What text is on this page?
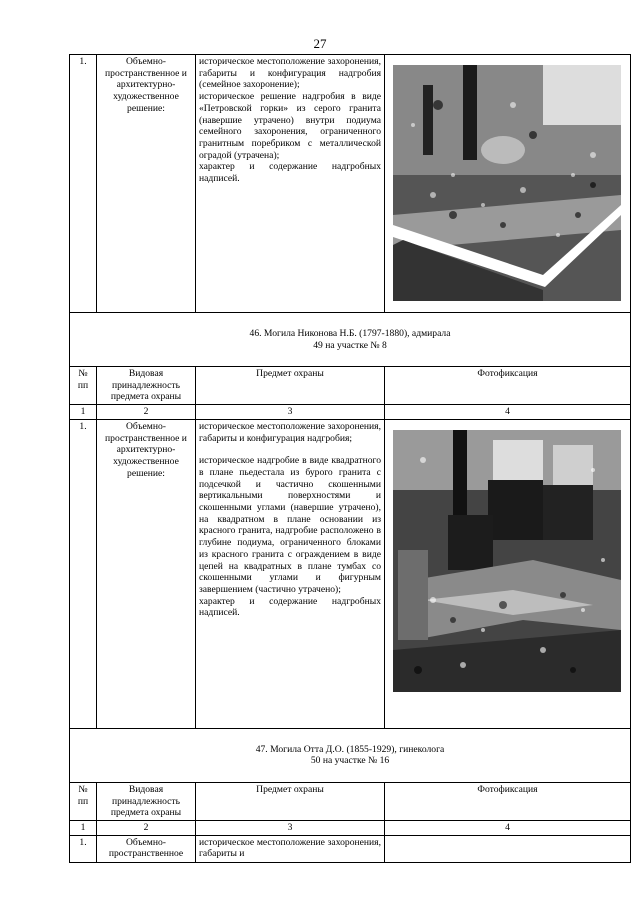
27
1.	Объемно-пространственное и архитектурно-художественное решение:	историческое местоположение захоронения, габариты и конфигурация надгробия (семейное захоронение);

историческое решение надгробия в виде «Петровской горки» из серого гранита (навершие утрачено) внутри подиума семейного захоронения, ограниченного гранитным поребриком с металлической оградой (утрачена);

характер и содержание надгробных надписей.

46. Могила Никонова Н.Б. (1797-1880), адмирала
49 на участке № 8			

№ пп	Видовая принадлежность предмета охраны	Предмет охраны	Фотофиксация
1	2	3	4
1.	Объемно-пространственное и архитектурно-художественное решение:	историческое местоположение захоронения, габариты и конфигурация надгробия;

историческое надгробие в виде квадратного в плане пьедестала из бурого гранита с подсечкой и частично скошенными вертикальными поверхностями и скошенными углами (навершие утрачено), на квадратном в плане основании из красного гранита, надгробие расположено в глубине подиума, ограниченного блоками из красного гранита с ограждением в виде цепей на квадратных в плане тумбах со скошенными углами и фигурным завершением (частично утрачено);

характер и содержание надгробных надписей.

47. Могила Отта Д.О. (1855-1929), гинеколога
50 на участке № 16			

№ пп	Видовая принадлежность предмета охраны	Предмет охраны	Фотофиксация
1	2	3	4
1.	Объемно-пространственное	историческое местоположение захоронения, габариты и	
